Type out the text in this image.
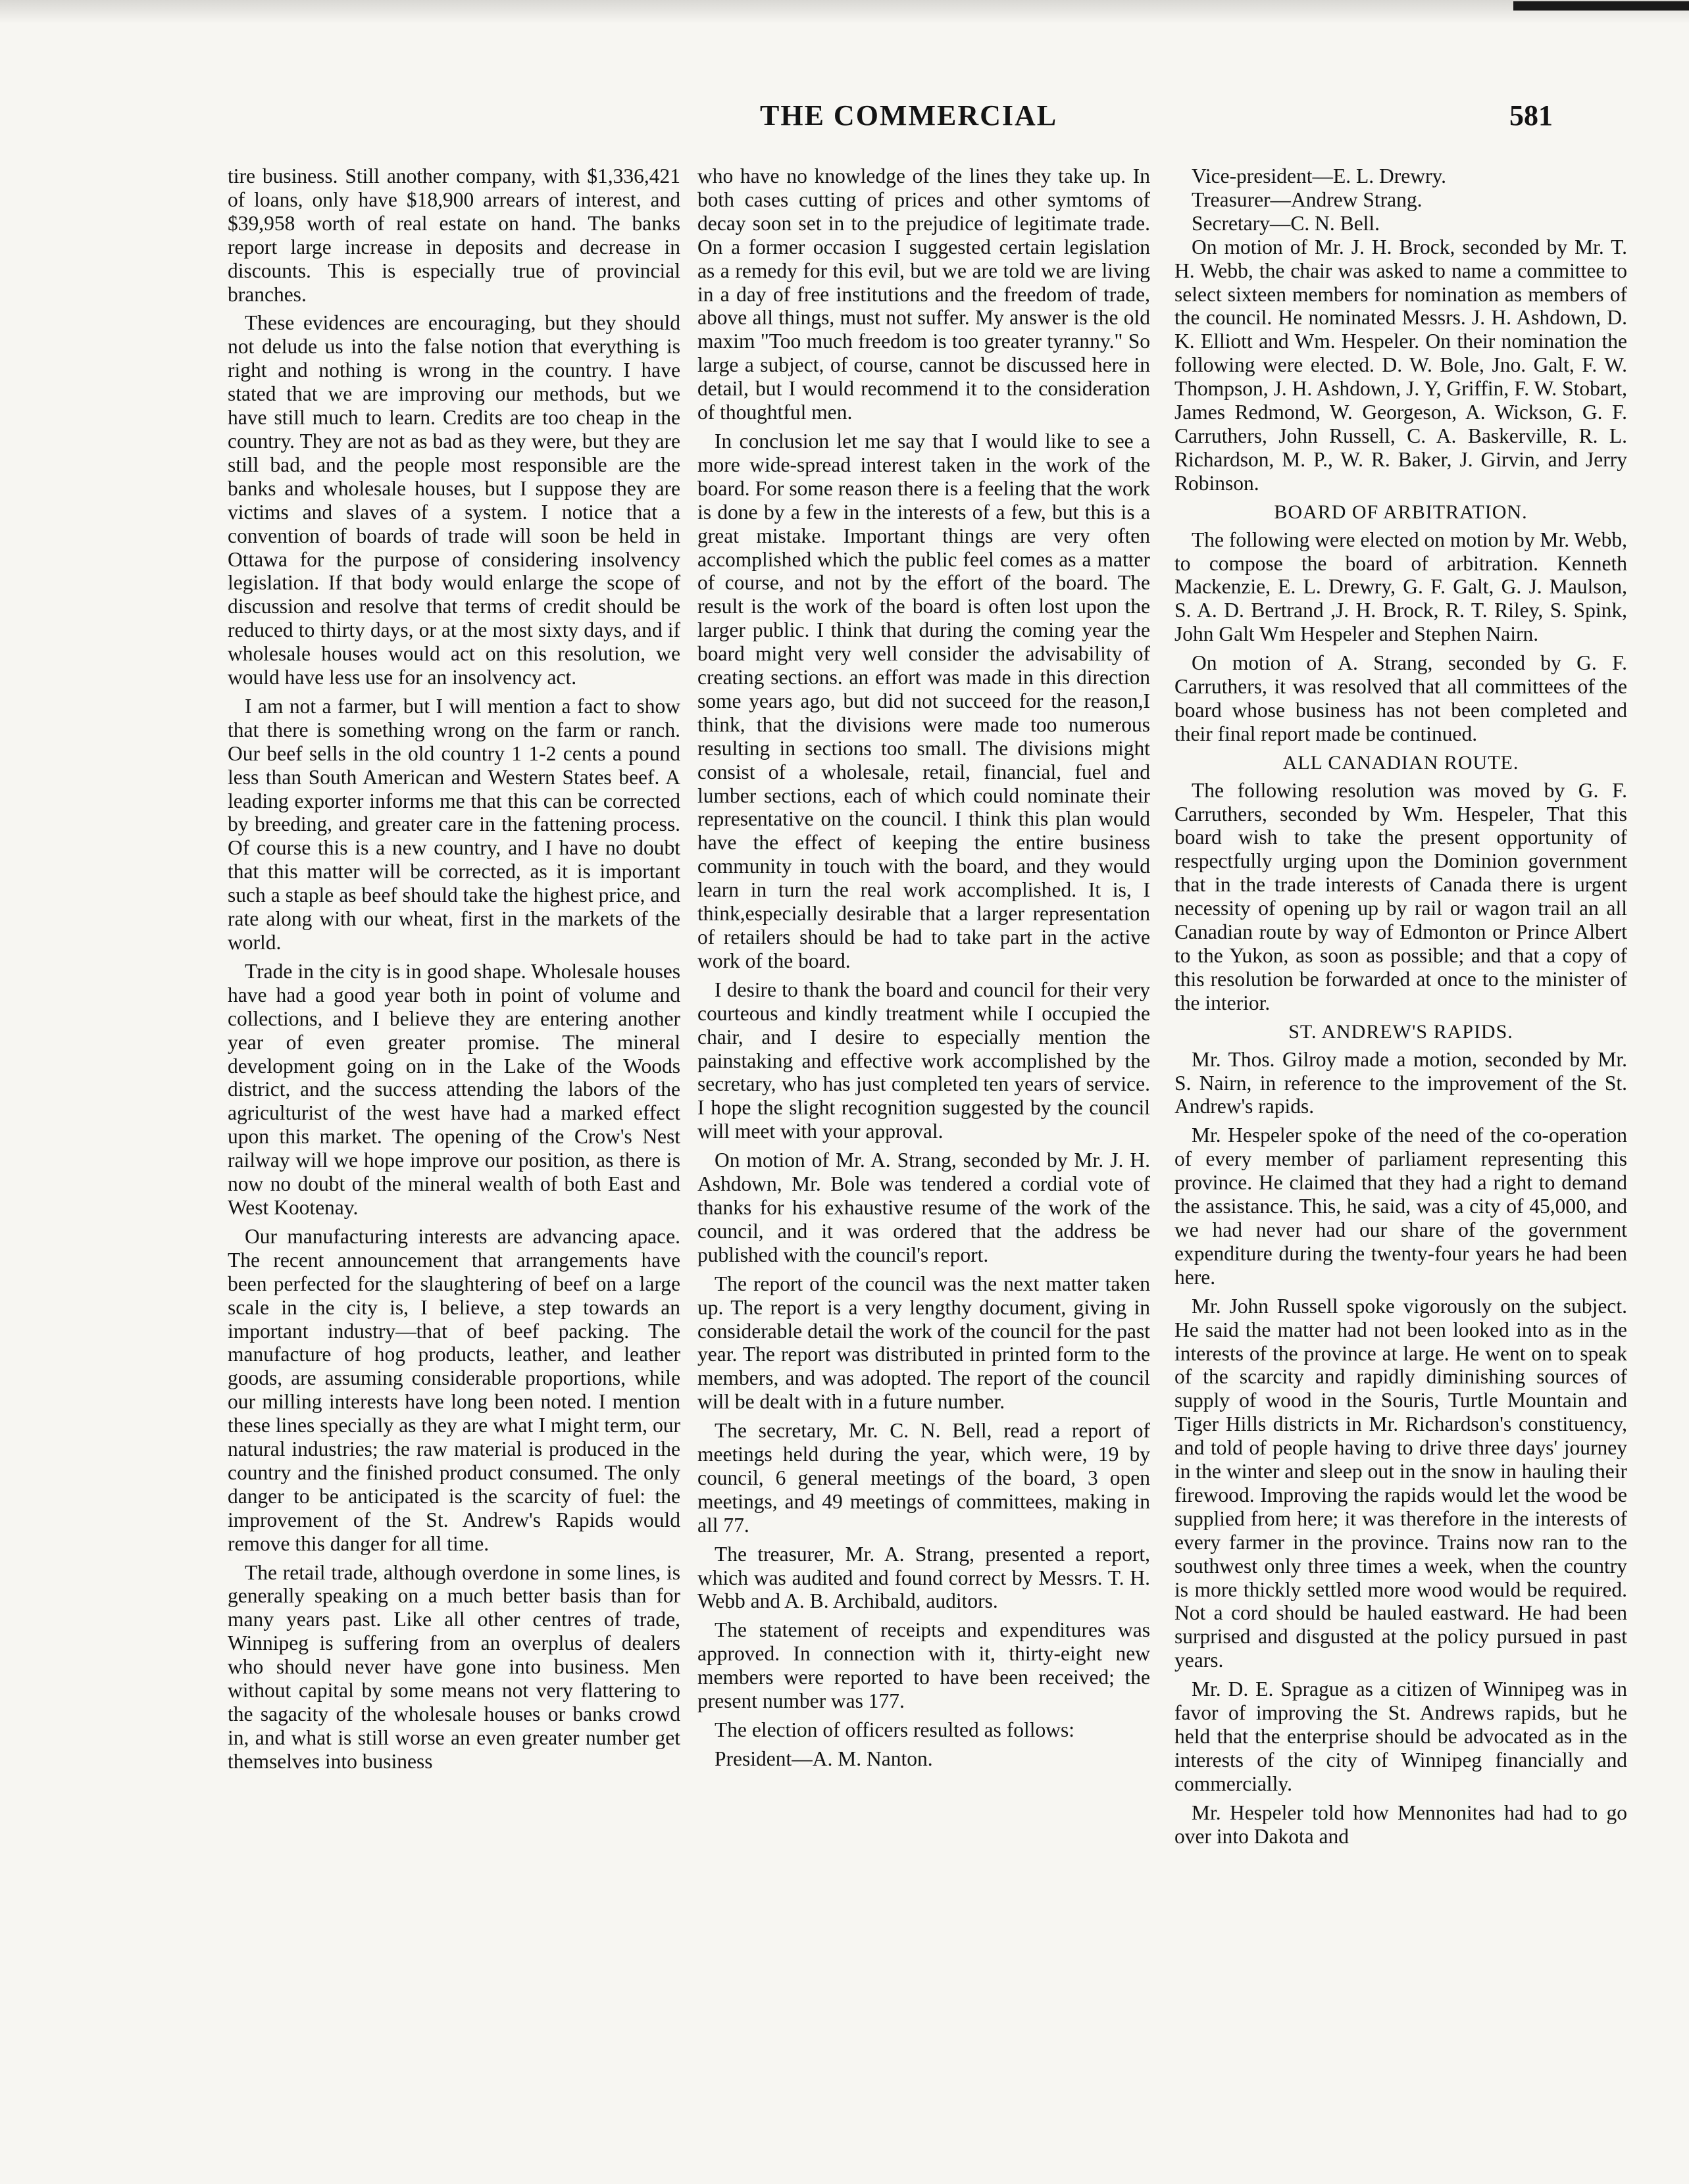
THE COMMERCIAL	581

tire business. Still another company, with $1,336,421 of loans, only have $18,900 arrears of interest, and $39,958 worth of real estate on hand. The banks report large increase in deposits and decrease in discounts. This is especially true of provincial branches.

These evidences are encouraging, but they should not delude us into the false notion that everything is right and nothing is wrong in the country. I have stated that we are improving our methods, but we have still much to learn. Credits are too cheap in the country. They are not as bad as they were, but they are still bad, and the people most responsible are the banks and wholesale houses, but I suppose they are victims and slaves of a system. I notice that a convention of boards of trade will soon be held in Ottawa for the purpose of considering insolvency legislation. If that body would enlarge the scope of discussion and resolve that terms of credit should be reduced to thirty days, or at the most sixty days, and if wholesale houses would act on this resolution, we would have less use for an insolvency act.

I am not a farmer, but I will mention a fact to show that there is something wrong on the farm or ranch. Our beef sells in the old country 1 1-2 cents a pound less than South American and Western States beef. A leading exporter informs me that this can be corrected by breeding, and greater care in the fattening process. Of course this is a new country, and I have no doubt that this matter will be corrected, as it is important such a staple as beef should take the highest price, and rate along with our wheat, first in the markets of the world.

Trade in the city is in good shape. Wholesale houses have had a good year both in point of volume and collections, and I believe they are entering another year of even greater promise. The mineral development going on in the Lake of the Woods district, and the success attending the labors of the agriculturist of the west have had a marked effect upon this market. The opening of the Crow's Nest railway will we hope improve our position, as there is now no doubt of the mineral wealth of both East and West Kootenay.

Our manufacturing interests are advancing apace. The recent announcement that arrangements have been perfected for the slaughtering of beef on a large scale in the city is, I believe, a step towards an important industry—that of beef packing. The manufacture of hog products, leather, and leather goods, are assuming considerable proportions, while our milling interests have long been noted. I mention these lines specially as they are what I might term, our natural industries; the raw material is produced in the country and the finished product consumed. The only danger to be anticipated is the scarcity of fuel: the improvement of the St. Andrew's Rapids would remove this danger for all time.

The retail trade, although overdone in some lines, is generally speaking on a much better basis than for many years past. Like all other centres of trade, Winnipeg is suffering from an overplus of dealers who should never have gone into business. Men without capital by some means not very flattering to the sagacity of the wholesale houses or banks crowd in, and what is still worse an even greater number get themselves into business

who have no knowledge of the lines they take up. In both cases cutting of prices and other symtoms of decay soon set in to the prejudice of legitimate trade. On a former occasion I suggested certain legislation as a remedy for this evil, but we are told we are living in a day of free institutions and the freedom of trade, above all things, must not suffer. My answer is the old maxim "Too much freedom is too greater tyranny." So large a subject, of course, cannot be discussed here in detail, but I would recommend it to the consideration of thoughtful men.

In conclusion let me say that I would like to see a more wide-spread interest taken in the work of the board. For some reason there is a feeling that the work is done by a few in the interests of a few, but this is a great mistake. Important things are very often accomplished which the public feel comes as a matter of course, and not by the effort of the board. The result is the work of the board is often lost upon the larger public. I think that during the coming year the board might very well consider the advisability of creating sections. an effort was made in this direction some years ago, but did not succeed for the reason,I think, that the divisions were made too numerous resulting in sections too small. The divisions might consist of a wholesale, retail, financial, fuel and lumber sections, each of which could nominate their representative on the council. I think this plan would have the effect of keeping the entire business community in touch with the board, and they would learn in turn the real work accomplished. It is, I think,especially desirable that a larger representation of retailers should be had to take part in the active work of the board.

I desire to thank the board and council for their very courteous and kindly treatment while I occupied the chair, and I desire to especially mention the painstaking and effective work accomplished by the secretary, who has just completed ten years of service. I hope the slight recognition suggested by the council will meet with your approval.

On motion of Mr. A. Strang, seconded by Mr. J. H. Ashdown, Mr. Bole was tendered a cordial vote of thanks for his exhaustive resume of the work of the council, and it was ordered that the address be published with the council's report.

The report of the council was the next matter taken up. The report is a very lengthy document, giving in considerable detail the work of the council for the past year. The report was distributed in printed form to the members, and was adopted. The report of the council will be dealt with in a future number.

The secretary, Mr. C. N. Bell, read a report of meetings held during the year, which were, 19 by council, 6 general meetings of the board, 3 open meetings, and 49 meetings of committees, making in all 77.

The treasurer, Mr. A. Strang, presented a report, which was audited and found correct by Messrs. T. H. Webb and A. B. Archibald, auditors.

The statement of receipts and expenditures was approved. In connection with it, thirty-eight new members were reported to have been received; the present number was 177.

The election of officers resulted as follows:

President—A. M. Nanton.

Vice-president—E. L. Drewry.

Treasurer—Andrew Strang.

Secretary—C. N. Bell.

On motion of Mr. J. H. Brock, seconded by Mr. T. H. Webb, the chair was asked to name a committee to select sixteen members for nomination as members of the council. He nominated Messrs. J. H. Ashdown, D. K. Elliott and Wm. Hespeler. On their nomination the following were elected. D. W. Bole, Jno. Galt, F. W. Thompson, J. H. Ashdown, J. Y, Griffin, F. W. Stobart, James Redmond, W. Georgeson, A. Wickson, G. F. Carruthers, John Russell, C. A. Baskerville, R. L. Richardson, M. P., W. R. Baker, J. Girvin, and Jerry Robinson.

BOARD OF ARBITRATION.

The following were elected on motion by Mr. Webb, to compose the board of arbitration. Kenneth Mackenzie, E. L. Drewry, G. F. Galt, G. J. Maulson, S. A. D. Bertrand ,J. H. Brock, R. T. Riley, S. Spink, John Galt Wm Hespeler and Stephen Nairn.

On motion of A. Strang, seconded by G. F. Carruthers, it was resolved that all committees of the board whose business has not been completed and their final report made be continued.

ALL CANADIAN ROUTE.

The following resolution was moved by G. F. Carruthers, seconded by Wm. Hespeler, That this board wish to take the present opportunity of respectfully urging upon the Dominion government that in the trade interests of Canada there is urgent necessity of opening up by rail or wagon trail an all Canadian route by way of Edmonton or Prince Albert to the Yukon, as soon as possible; and that a copy of this resolution be forwarded at once to the minister of the interior.

ST. ANDREW'S RAPIDS.

Mr. Thos. Gilroy made a motion, seconded by Mr. S. Nairn, in reference to the improvement of the St. Andrew's rapids.

Mr. Hespeler spoke of the need of the co-operation of every member of parliament representing this province. He claimed that they had a right to demand the assistance. This, he said, was a city of 45,000, and we had never had our share of the government expenditure during the twenty-four years he had been here.

Mr. John Russell spoke vigorously on the subject. He said the matter had not been looked into as in the interests of the province at large. He went on to speak of the scarcity and rapidly diminishing sources of supply of wood in the Souris, Turtle Mountain and Tiger Hills districts in Mr. Richardson's constituency, and told of people having to drive three days' journey in the winter and sleep out in the snow in hauling their firewood. Improving the rapids would let the wood be supplied from here; it was therefore in the interests of every farmer in the province. Trains now ran to the southwest only three times a week, when the country is more thickly settled more wood would be required. Not a cord should be hauled eastward. He had been surprised and disgusted at the policy pursued in past years.

Mr. D. E. Sprague as a citizen of Winnipeg was in favor of improving the St. Andrews rapids, but he held that the enterprise should be advocated as in the interests of the city of Winnipeg financially and commercially.

Mr. Hespeler told how Mennonites had had to go over into Dakota and
